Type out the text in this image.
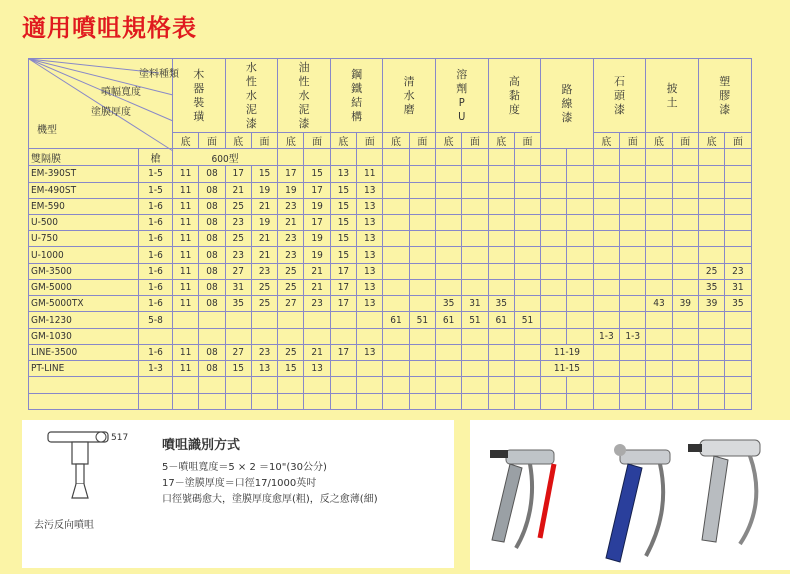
適用噴咀規格表
塗料種類
噴幅寬度
塗膜厚度
機型		木器裝璜		水性水泥漆		油性水泥漆		鋼鐵結構		清水磨		溶劑PU		高黏度		路線漆		石頭漆		披土		塑膠漆	
		底	面	底	面	底	面	底	面	底	面	底	面	底	面			底	面	底	面	底	面
雙隔膜	槍	600型																					
EM-390ST	1-5	11	08	17	15	17	15	13	11														
EM-490ST	1-5	11	08	21	19	19	17	15	13														
EM-590	1-6	11	08	25	21	23	19	15	13														
U-500	1-6	11	08	23	19	21	17	15	13														
U-750	1-6	11	08	25	21	23	19	15	13														
U-1000	1-6	11	08	23	21	23	19	15	13														
GM-3500	1-6	11	08	27	23	25	21	17	13													25	23
GM-5000	1-6	11	08	31	25	25	21	17	13													35	31
GM-5000TX	1-6	11	08	35	25	27	23	17	13			35	31	35						43	39	39	35
GM-1230	5-8									61	51	61	51	61	51								
GM-1030																		1-3	1-3				
LINE-3500	1-6	11	08	27	23	25	21	17	13							11-19							
PT-LINE	1-3	11	08	15	13	15	13									11-15							

517
去污反向噴咀
噴咀識別方式
5－噴咀寬度＝5 × 2 ＝10"(30公分)
17－塗膜厚度＝口徑17/1000英吋
口徑號碼愈大，塗膜厚度愈厚(粗)，反之愈薄(細)
